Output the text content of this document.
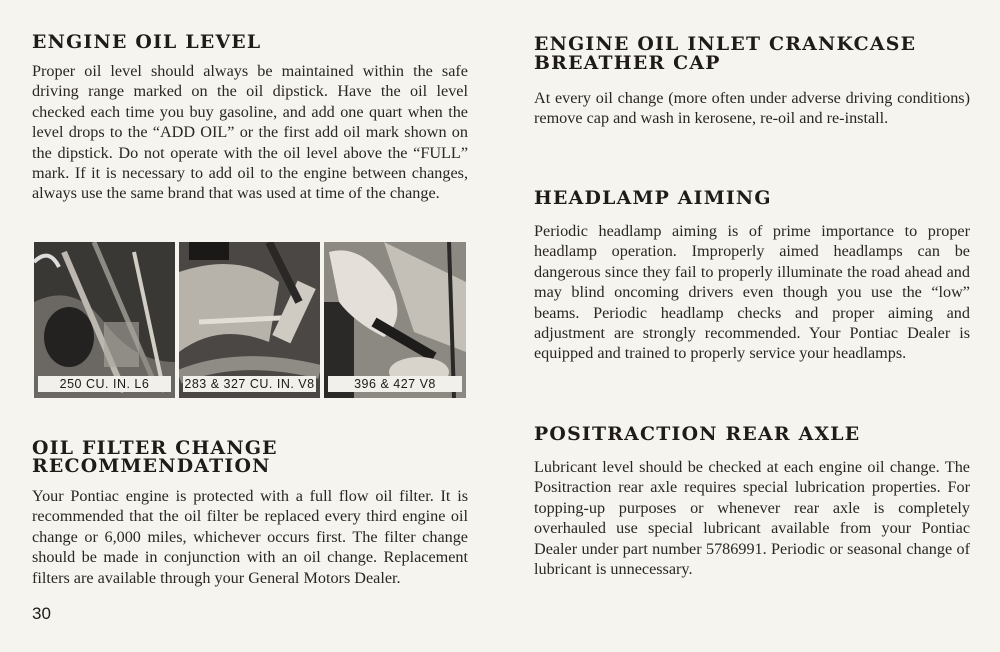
ENGINE OIL LEVEL

Proper oil level should always be maintained within the safe driving range marked on the oil dipstick. Have the oil level checked each time you buy gasoline, and add one quart when the level drops to the “ADD OIL” or the first add oil mark shown on the dipstick. Do not operate with the oil level above the “FULL” mark. If it is necessary to add oil to the engine between changes, always use the same brand that was used at time of the change.

OIL FILTER CHANGE
RECOMMENDATION

Your Pontiac engine is protected with a full flow oil filter. It is recommended that the oil filter be replaced every third engine oil change or 6,000 miles, whichever occurs first. The filter change should be made in conjunction with an oil change. Replacement filters are available through your General Motors Dealer.

250 CU. IN. L6	283 & 327 CU. IN. V8	396 & 427 V8
ENGINE OIL INLET CRANKCASE
BREATHER CAP

At every oil change (more often under adverse driving conditions) remove cap and wash in kerosene, re-oil and re-install.

HEADLAMP AIMING

Periodic headlamp aiming is of prime importance to proper headlamp operation. Improperly aimed headlamps can be dangerous since they fail to properly illuminate the road ahead and may blind oncoming drivers even though you use the “low” beams. Periodic headlamp checks and proper aiming and adjustment are strongly recommended. Your Pontiac Dealer is equipped and trained to properly service your headlamps.

POSITRACTION REAR AXLE

Lubricant level should be checked at each engine oil change. The Positraction rear axle requires special lubrication properties. For topping-up purposes or whenever rear axle is completely overhauled use special lubricant available from your Pontiac Dealer under part number 5786991. Periodic or seasonal change of lubricant is unnecessary.

30
